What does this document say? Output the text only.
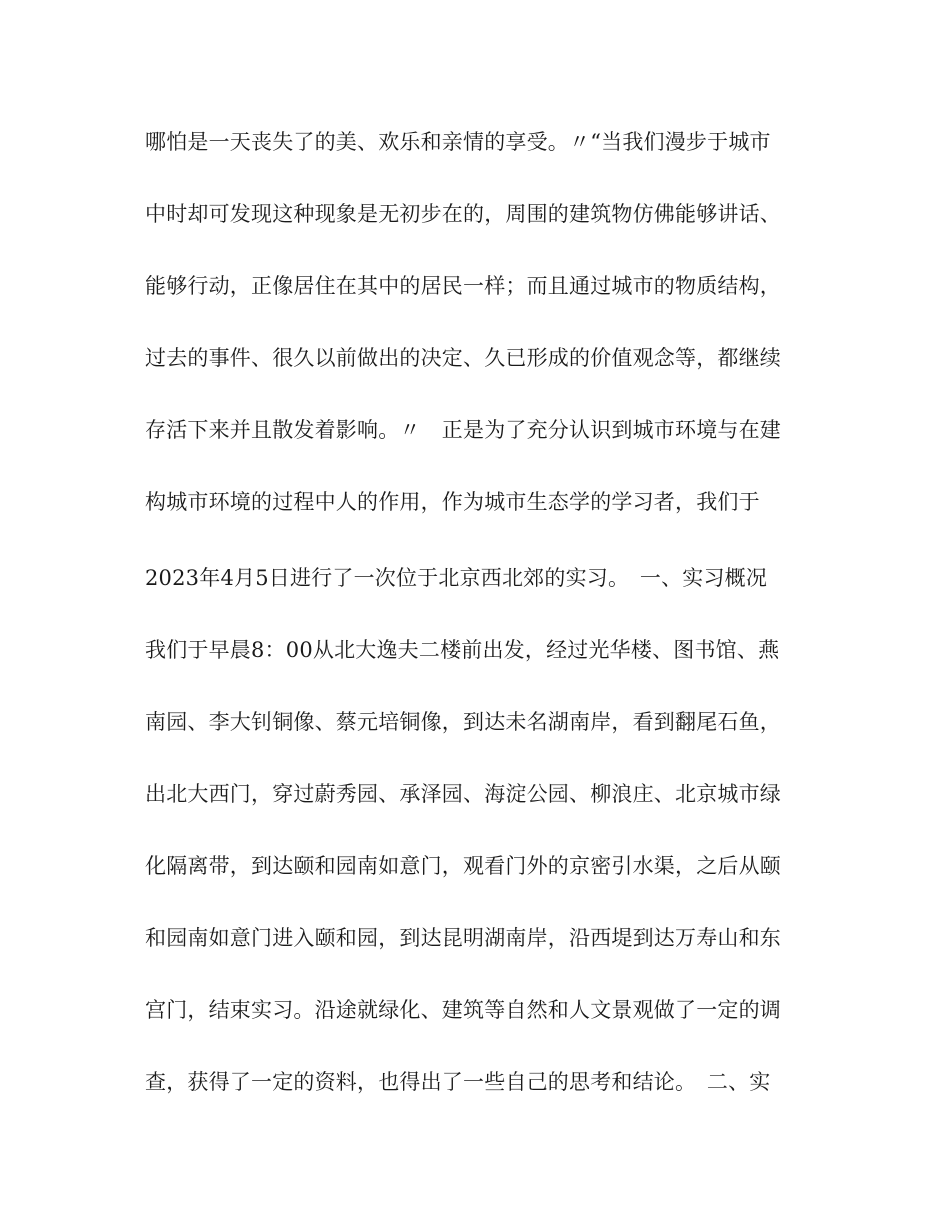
哪怕是一天丧失了的美、欢乐和亲情的享受。〃“当我们漫步于城市
中时却可发现这种现象是无初步在的，周围的建筑物仿佛能够讲话、
能够行动，正像居住在其中的居民一样；而且通过城市的物质结构，
过去的事件、很久以前做出的决定、久已形成的价值观念等，都继续
存活下来并且散发着影响。〃　正是为了充分认识到城市环境与在建
构城市环境的过程中人的作用，作为城市生态学的学习者，我们于
2023年4月5日进行了一次位于北京西北郊的实习。　一、实习概况
我们于早晨8：00从北大逸夫二楼前出发，经过光华楼、图书馆、燕
南园、李大钊铜像、蔡元培铜像，到达未名湖南岸，看到翻尾石鱼，
出北大西门，穿过蔚秀园、承泽园、海淀公园、柳浪庄、北京城市绿
化隔离带，到达颐和园南如意门，观看门外的京密引水渠，之后从颐
和园南如意门进入颐和园，到达昆明湖南岸，沿西堤到达万寿山和东
宫门，结束实习。沿途就绿化、建筑等自然和人文景观做了一定的调
查，获得了一定的资料，也得出了一些自己的思考和结论。　二、实
